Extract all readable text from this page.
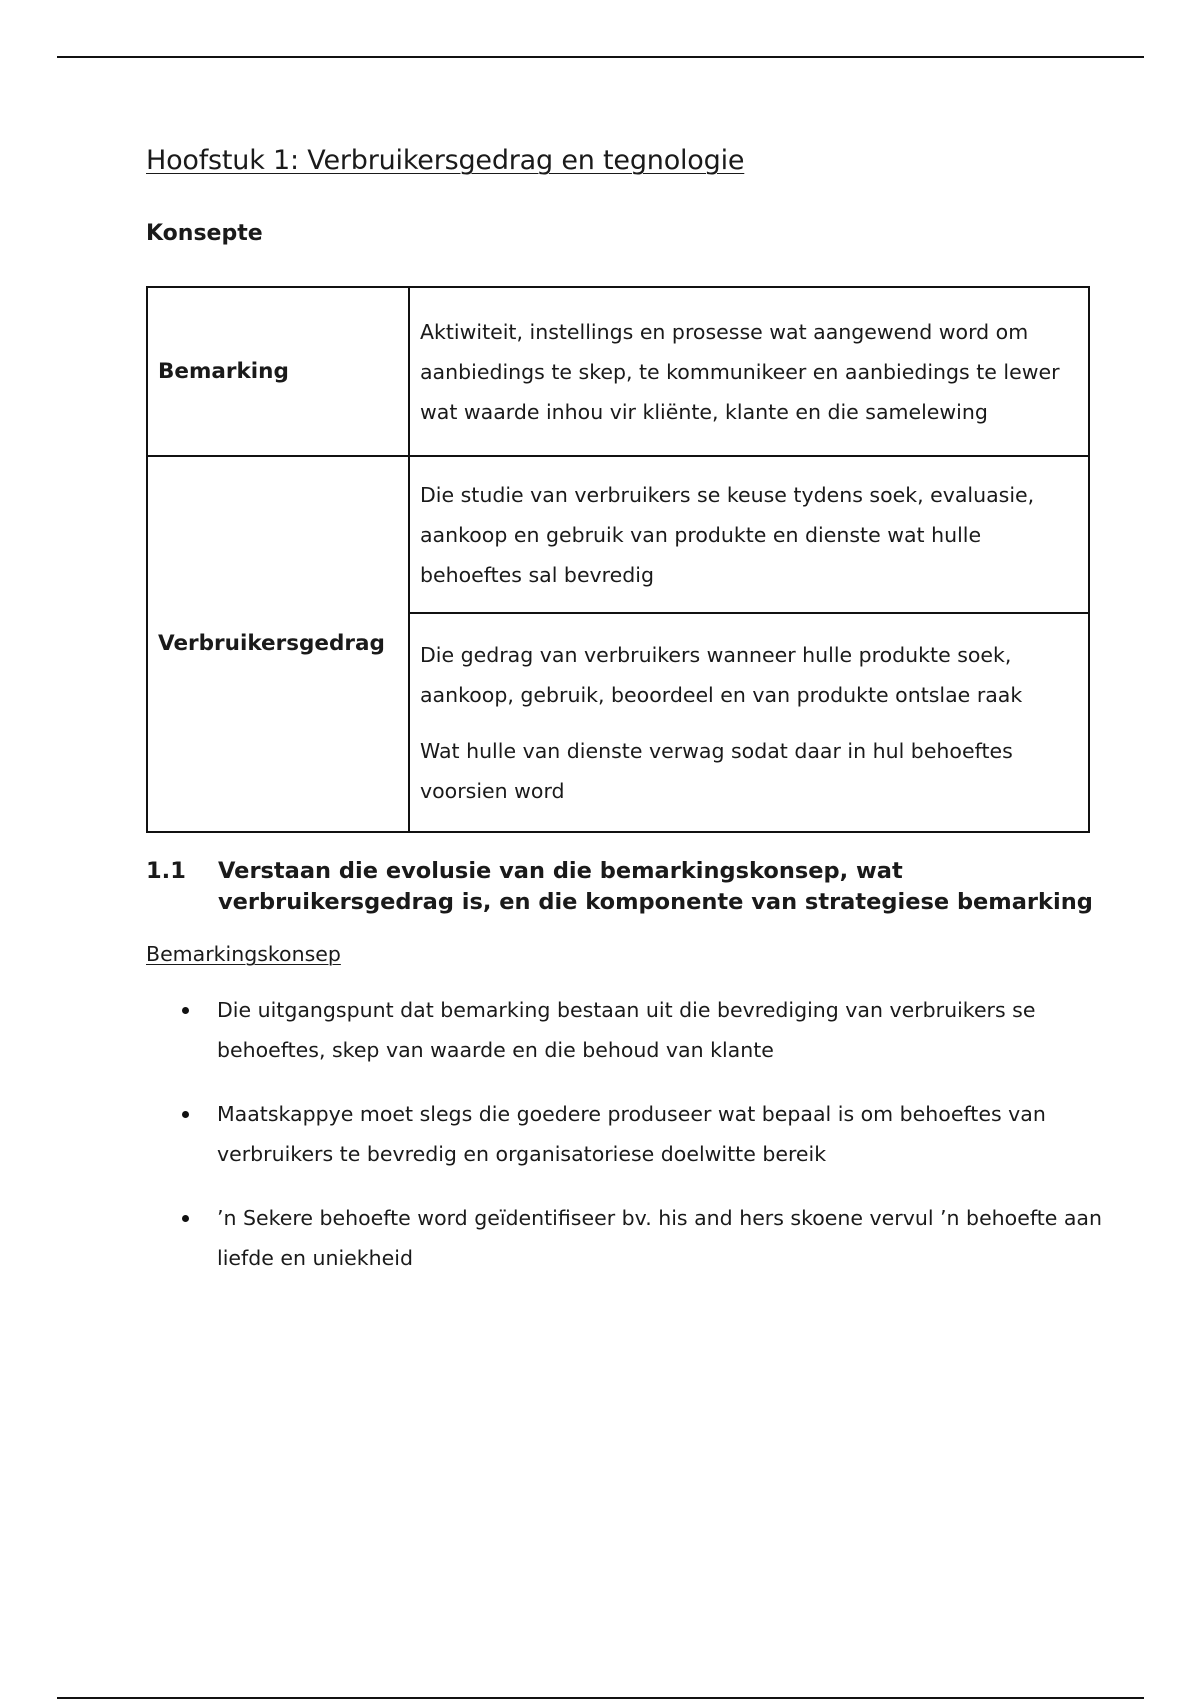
Hoofstuk 1: Verbruikersgedrag en tegnologie
Konsepte
Bemarking	Aktiwiteit, instellings en prosesse wat aangewend word om aanbiedings te skep, te kommunikeer en aanbiedings te lewer wat waarde inhou vir kliënte, klante en die samelewing

Verbruikersgedrag	Die studie van verbruikers se keuse tydens soek, evaluasie, aankoop en gebruik van produkte en dienste wat hulle behoeftes sal bevredig

	Die gedrag van verbruikers wanneer hulle produkte soek, aankoop, gebruik, beoordeel en van produkte ontslae raak

Wat hulle van dienste verwag sodat daar in hul behoeftes voorsien word

1.1 Verstaan die evolusie van die bemarkingskonsep, wat verbruikersgedrag is, en die komponente van strategiese bemarking

Bemarkingskonsep

Die uitgangspunt dat bemarking bestaan uit die bevrediging van verbruikers se behoeftes, skep van waarde en die behoud van klante
Maatskappye moet slegs die goedere produseer wat bepaal is om behoeftes van verbruikers te bevredig en organisatoriese doelwitte bereik
’n Sekere behoefte word geïdentifiseer bv. his and hers skoene vervul ’n behoefte aan liefde en uniekheid
